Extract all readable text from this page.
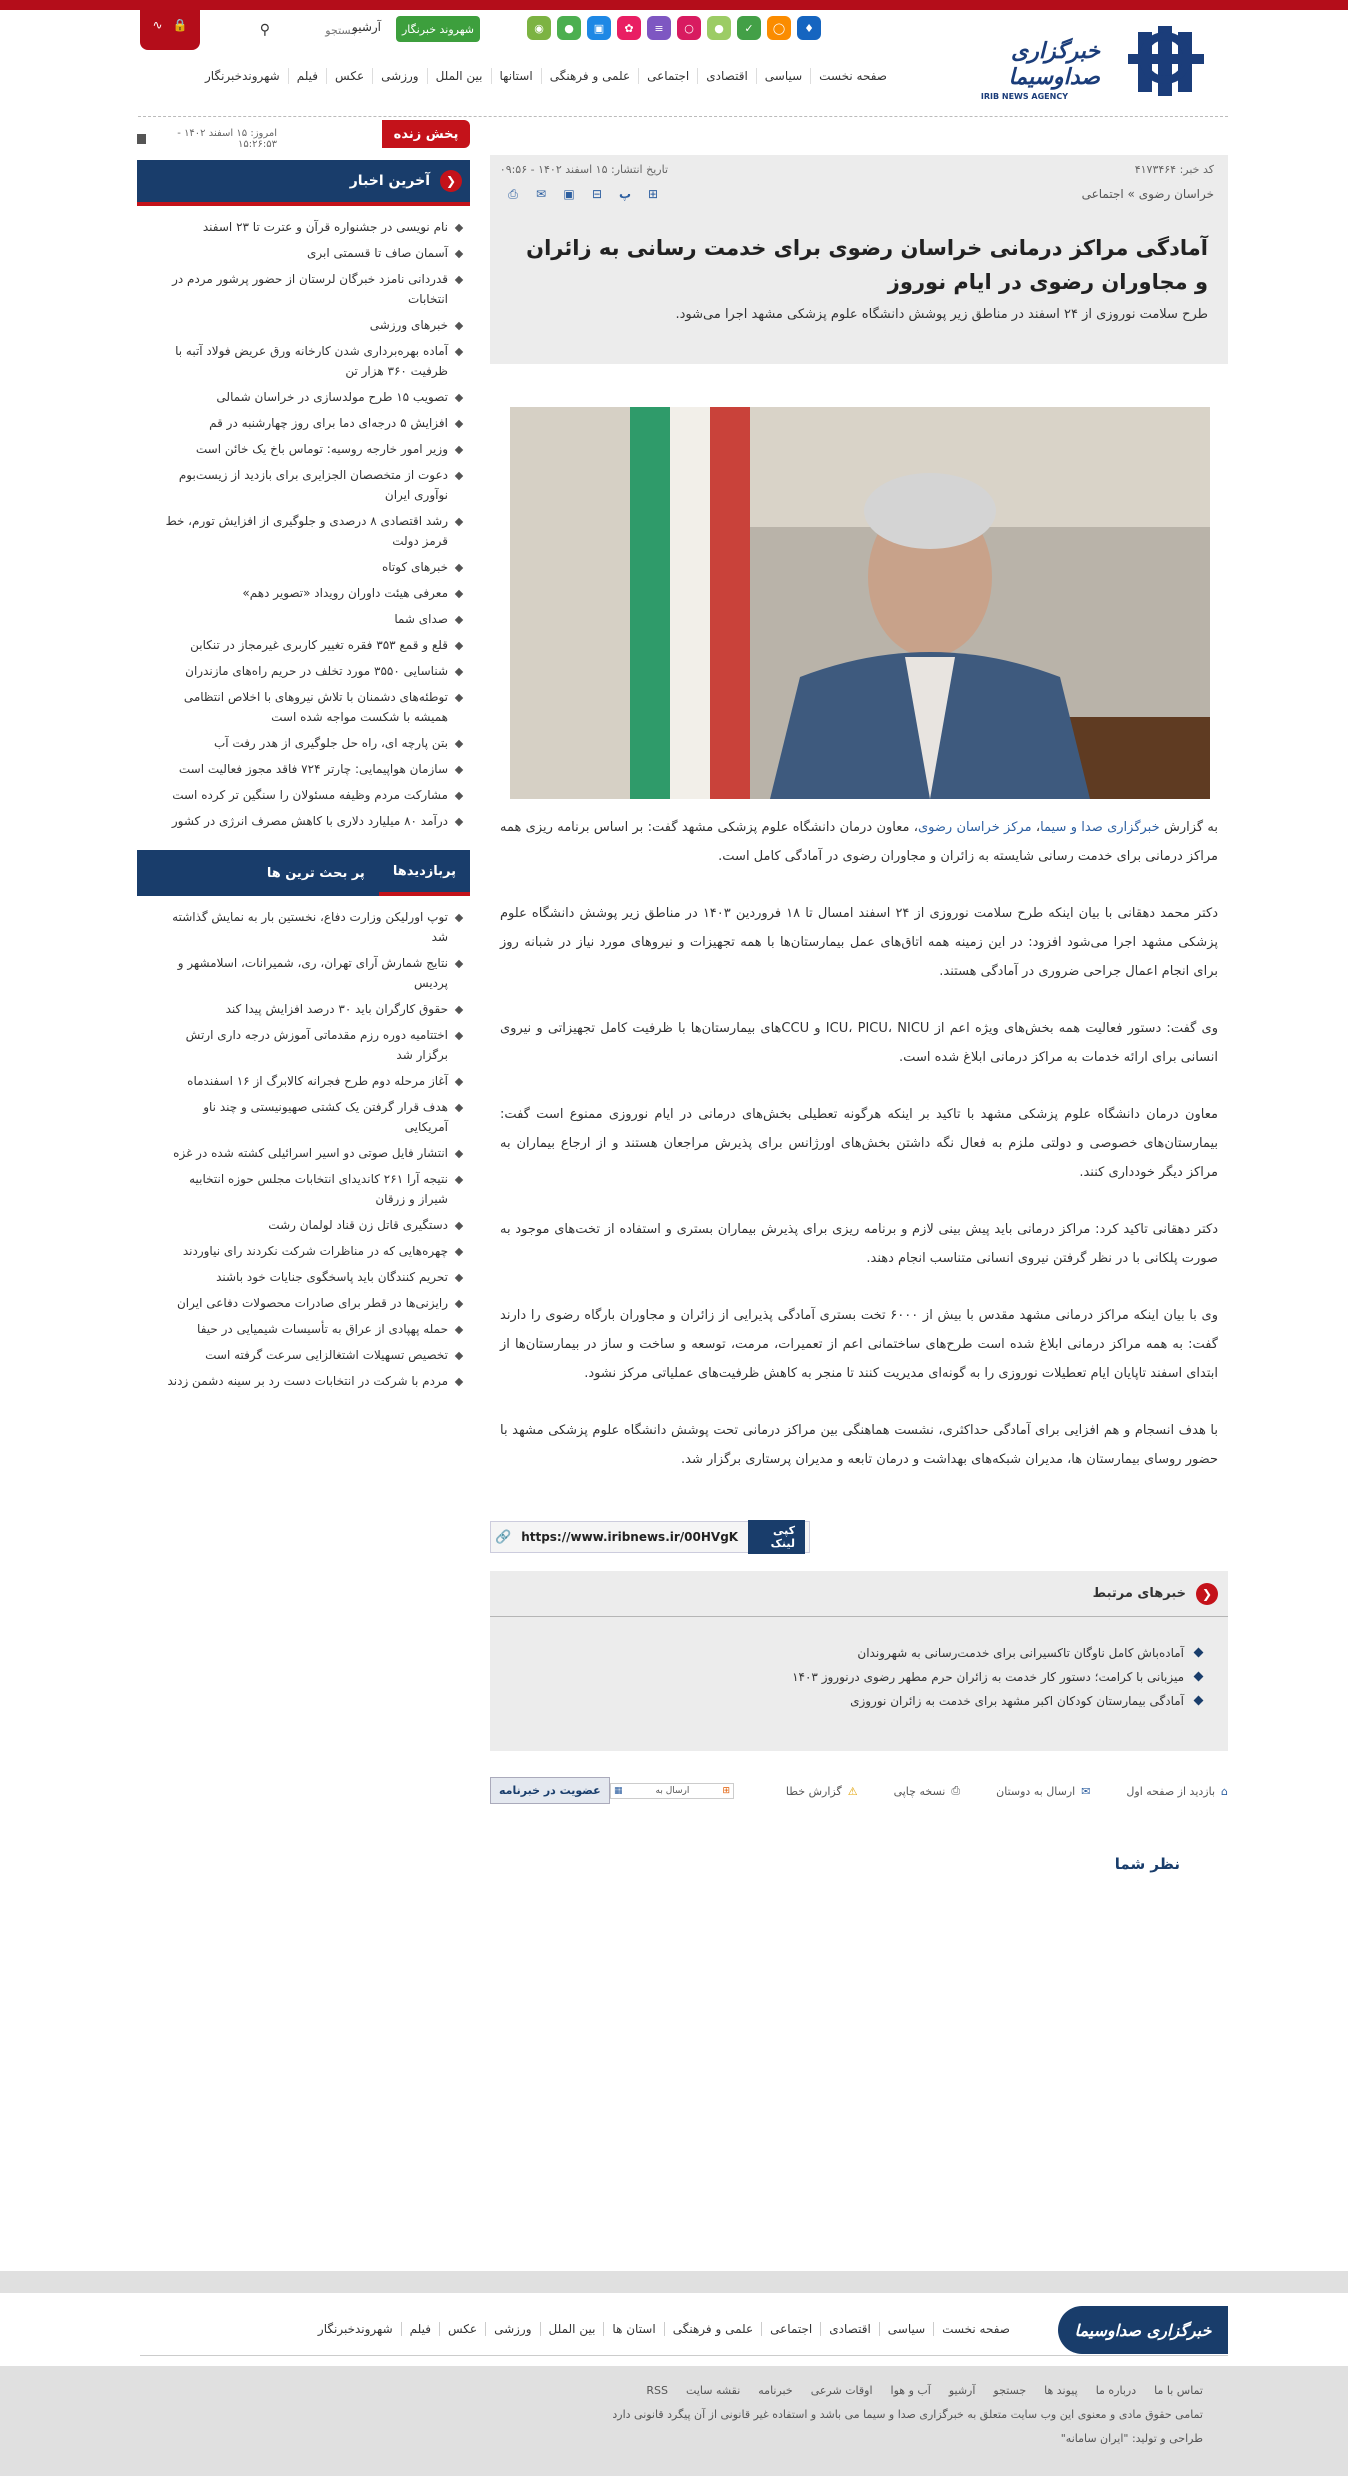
🔒
∿
جستجو	⚲	آرشیو	شهروند خبرنگار	◉	●	▣	✿	≡	○	●	✓	◯	♦
خبرگزاری صداوسیما
IRIB NEWS AGENCY
صفحه نخست
سیاسی
اقتصادی
اجتماعی
علمی و فرهنگی
استانها
بین الملل
ورزشی
عکس
فیلم
شهروندخبرنگار
پخش زنده
امروز: ۱۵ اسفند ۱۴۰۲ - ۱۵:۲۶:۵۳
❮
آخرین اخبار
نام نویسی در جشنواره قرآن و عترت تا ۲۳ اسفند
آسمان صاف تا قسمتی ابری
قدردانی نامزد خبرگان لرستان از حضور پرشور مردم در انتخابات
خبرهای ورزشی
آماده بهره‌برداری شدن کارخانه ورق عریض فولاد آتبه با ظرفیت ۳۶۰ هزار تن
تصویب ۱۵ طرح مولدسازی در خراسان شمالی
افزایش ۵ درجه‌ای دما برای روز چهارشنبه در قم
وزیر امور خارجه روسیه: توماس باخ یک خائن است
دعوت از متخصصان الجزایری برای بازدید از زیست‌بوم نوآوری ایران
رشد اقتصادی ۸ درصدی و جلوگیری از افزایش تورم، خط قرمز دولت
خبرهای کوتاه
معرفی هیئت داوران رویداد «تصویر دهم»
صدای شما
قلع و قمع ۳۵۳ فقره تغییر کاربری غیرمجاز در تنکابن
شناسایی ۳۵۵۰ مورد تخلف در حریم راه‌های مازندران
توطئه‌های دشمنان با تلاش نیروهای با اخلاص انتظامی همیشه با شکست مواجه شده است
بتن پارچه ای، راه حل جلوگیری از هدر رفت آب
سازمان هواپیمایی: چارتر ۷۲۴ فاقد مجوز فعالیت است
مشارکت مردم وظیفه مسئولان را سنگین تر کرده است
درآمد ۸۰ میلیارد دلاری با کاهش مصرف انرژی در کشور
پربازدیدها
پر بحث ترین ها
توپ اورلیکن وزارت دفاع، نخستین بار به نمایش گذاشته شد
نتایج شمارش آرای تهران، ری، شمیرانات، اسلامشهر و پردیس
حقوق کارگران باید ۳۰ درصد افزایش پیدا کند
اختتامیه دوره رزم مقدماتی آموزش درجه داری ارتش برگزار شد
آغاز مرحله دوم طرح فجرانه کالابرگ از ۱۶ اسفندماه
هدف قرار گرفتن یک کشتی صهیونیستی و چند ناو آمریکایی
انتشار فایل صوتی دو اسیر اسرائیلی کشته شده در غزه
نتیجه آرا ۲۶۱ کاندیدای انتخابات مجلس حوزه انتخابیه شیراز و زرقان
دستگیری قاتل زن قناد لولمان رشت
چهره‌هایی که در مناظرات شرکت نکردند رای نیاوردند
تحریم کنندگان باید پاسخگوی جنایات خود باشند
رایزنی‌ها در قطر برای صادرات محصولات دفاعی ایران
حمله پهپادی از عراق به تأسیسات شیمیایی در حیفا
تخصیص تسهیلات اشتغالزایی سرعت گرفته است
مردم با شرکت در انتخابات دست رد بر سینه دشمن زدند
کد خبر: ۴۱۷۳۴۶۴
تاریخ انتشار: ۱۵ اسفند ۱۴۰۲ - ۰۹:۵۶
خراسان رضوی » اجتماعی
⎙	✉	▣	⊟	پ	⊞
آمادگی مراکز درمانی خراسان رضوی برای خدمت رسانی به زائران و مجاوران رضوی در ایام نوروز

طرح سلامت نوروزی از ۲۴ اسفند در مناطق زیر پوشش دانشگاه علوم پزشکی مشهد اجرا می‌شود.

به گزارش خبرگزاری صدا و سیما، مرکز خراسان رضوی، معاون درمان دانشگاه علوم پزشکی مشهد گفت: بر اساس برنامه ریزی همه مراکز درمانی برای خدمت رسانی شایسته به زائران و مجاوران رضوی در آمادگی کامل است.

دکتر محمد دهقانی با بیان اینکه طرح سلامت نوروزی از ۲۴ اسفند امسال تا ۱۸ فروردین ۱۴۰۳ در مناطق زیر پوشش دانشگاه علوم پزشکی مشهد اجرا می‌شود افزود: در این زمینه همه اتاق‌های عمل بیمارستان‌ها با همه تجهیزات و نیروهای مورد نیاز در شبانه روز برای انجام اعمال جراحی ضروری در آمادگی هستند.

وی گفت: دستور فعالیت همه بخش‌های ویژه اعم از ICU، PICU، NICU و CCUهای بیمارستان‌ها با ظرفیت کامل تجهیزاتی و نیروی انسانی برای ارائه خدمات به مراکز درمانی ابلاغ شده است.

معاون درمان دانشگاه علوم پزشکی مشهد با تاکید بر اینکه هرگونه تعطیلی بخش‌های درمانی در ایام نوروزی ممنوع است گفت: بیمارستان‌های خصوصی و دولتی ملزم به فعال نگه داشتن بخش‌های اورژانس برای پذیرش مراجعان هستند و از ارجاع بیماران به مراکز دیگر خودداری کنند.

دکتر دهقانی تاکید کرد: مراکز درمانی باید پیش بینی لازم و برنامه ریزی برای پذیرش بیماران بستری و استفاده از تخت‌های موجود به صورت پلکانی با در نظر گرفتن نیروی انسانی متناسب انجام دهند.

وی با بیان اینکه مراکز درمانی مشهد مقدس با بیش از ۶۰۰۰ تخت بستری آمادگی پذیرایی از زائران و مجاوران بارگاه رضوی را دارند گفت: به همه مراکز درمانی ابلاغ شده است طرح‌های ساختمانی اعم از تعمیرات، مرمت، توسعه و ساخت و ساز در بیمارستان‌ها از ابتدای اسفند تاپایان ایام تعطیلات نوروزی را به گونه‌ای مدیریت کنند تا منجر به کاهش ظرفیت‌های عملیاتی مرکز نشود.

با هدف انسجام و هم افزایی برای آمادگی حداکثری، نشست هماهنگی بین مراکز درمانی تحت پوشش دانشگاه علوم پزشکی مشهد با حضور روسای بیمارستان ها، مدیران شبکه‌های بهداشت و درمان تابعه و مدیران پرستاری برگزار شد.

کپی لینک
https://www.iribnews.ir/00HVgK
🔗
❮
خبرهای مرتبط
آماده‌باش کامل ناوگان تاکسیرانی برای خدمت‌رسانی به شهروندان
میزبانی با کرامت؛ دستور کار خدمت به زائران حرم مطهر رضوی درنوروز ۱۴۰۳
آمادگی بیمارستان کودکان اکبر مشهد برای خدمت به زائران نوروزی
⌂
بازدید از صفحه اول
✉
ارسال به دوستان
⎙
نسخه چاپی
⚠
گزارش خطا
▦	ارسال به	⊞
عضویت در خبرنامه
نظر شما
خبرگزاری صداوسیما
صفحه نخست
سیاسی
اقتصادی
اجتماعی
علمی و فرهنگی
استان ها
بین الملل
ورزشی
عکس
فیلم
شهروندخبرنگار
تماس با ما
درباره ما
پیوند ها
جستجو
آرشیو
آب و هوا
اوقات شرعی
خبرنامه
نقشه سایت
RSS
تمامی حقوق مادی و معنوی این وب سایت متعلق به خبرگزاری صدا و سیما می باشد و استفاده غیر قانونی از آن پیگرد قانونی دارد
طراحی و تولید: "ایران سامانه"
